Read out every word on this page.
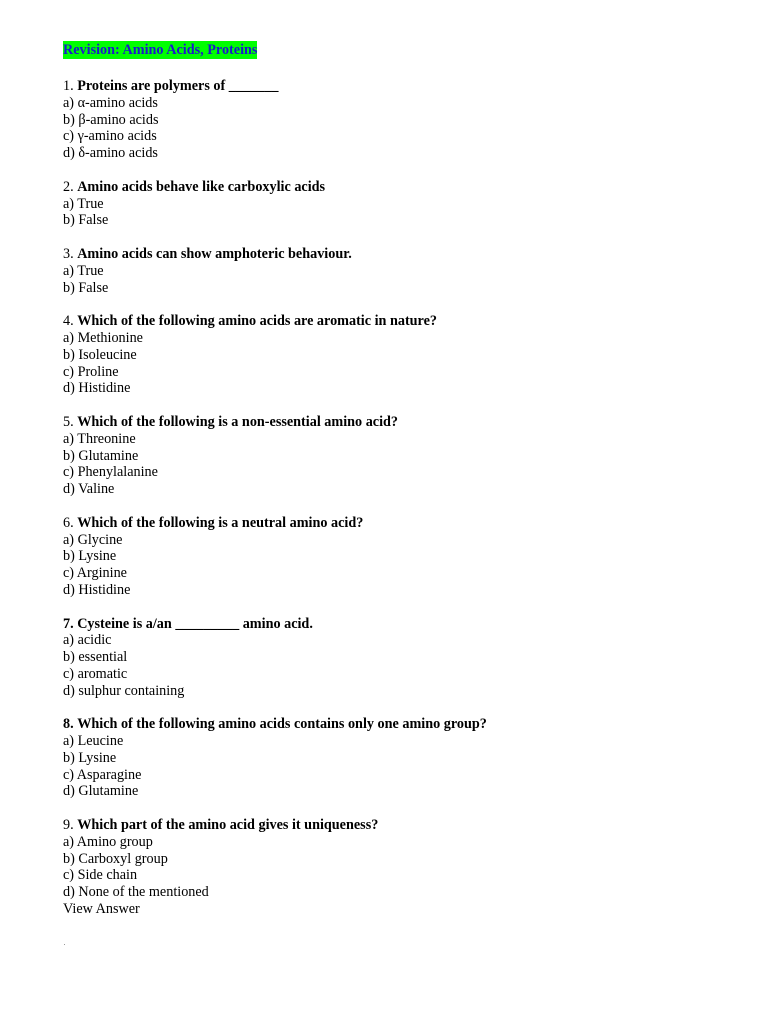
Revision: Amino Acids, Proteins
1. Proteins are polymers of _______
a) α-amino acids
b) β-amino acids
c) γ-amino acids
d) δ-amino acids
2. Amino acids behave like carboxylic acids
a) True
b) False
3. Amino acids can show amphoteric behaviour.
a) True
b) False
4. Which of the following amino acids are aromatic in nature?
a) Methionine
b) Isoleucine
c) Proline
d) Histidine
5. Which of the following is a non-essential amino acid?
a) Threonine
b) Glutamine
c) Phenylalanine
d) Valine
6. Which of the following is a neutral amino acid?
a) Glycine
b) Lysine
c) Arginine
d) Histidine
7. Cysteine is a/an _________ amino acid.
a) acidic
b) essential
c) aromatic
d) sulphur containing
8. Which of the following amino acids contains only one amino group?
a) Leucine
b) Lysine
c) Asparagine
d) Glutamine
9. Which part of the amino acid gives it uniqueness?
a) Amino group
b) Carboxyl group
c) Side chain
d) None of the mentioned
View Answer
